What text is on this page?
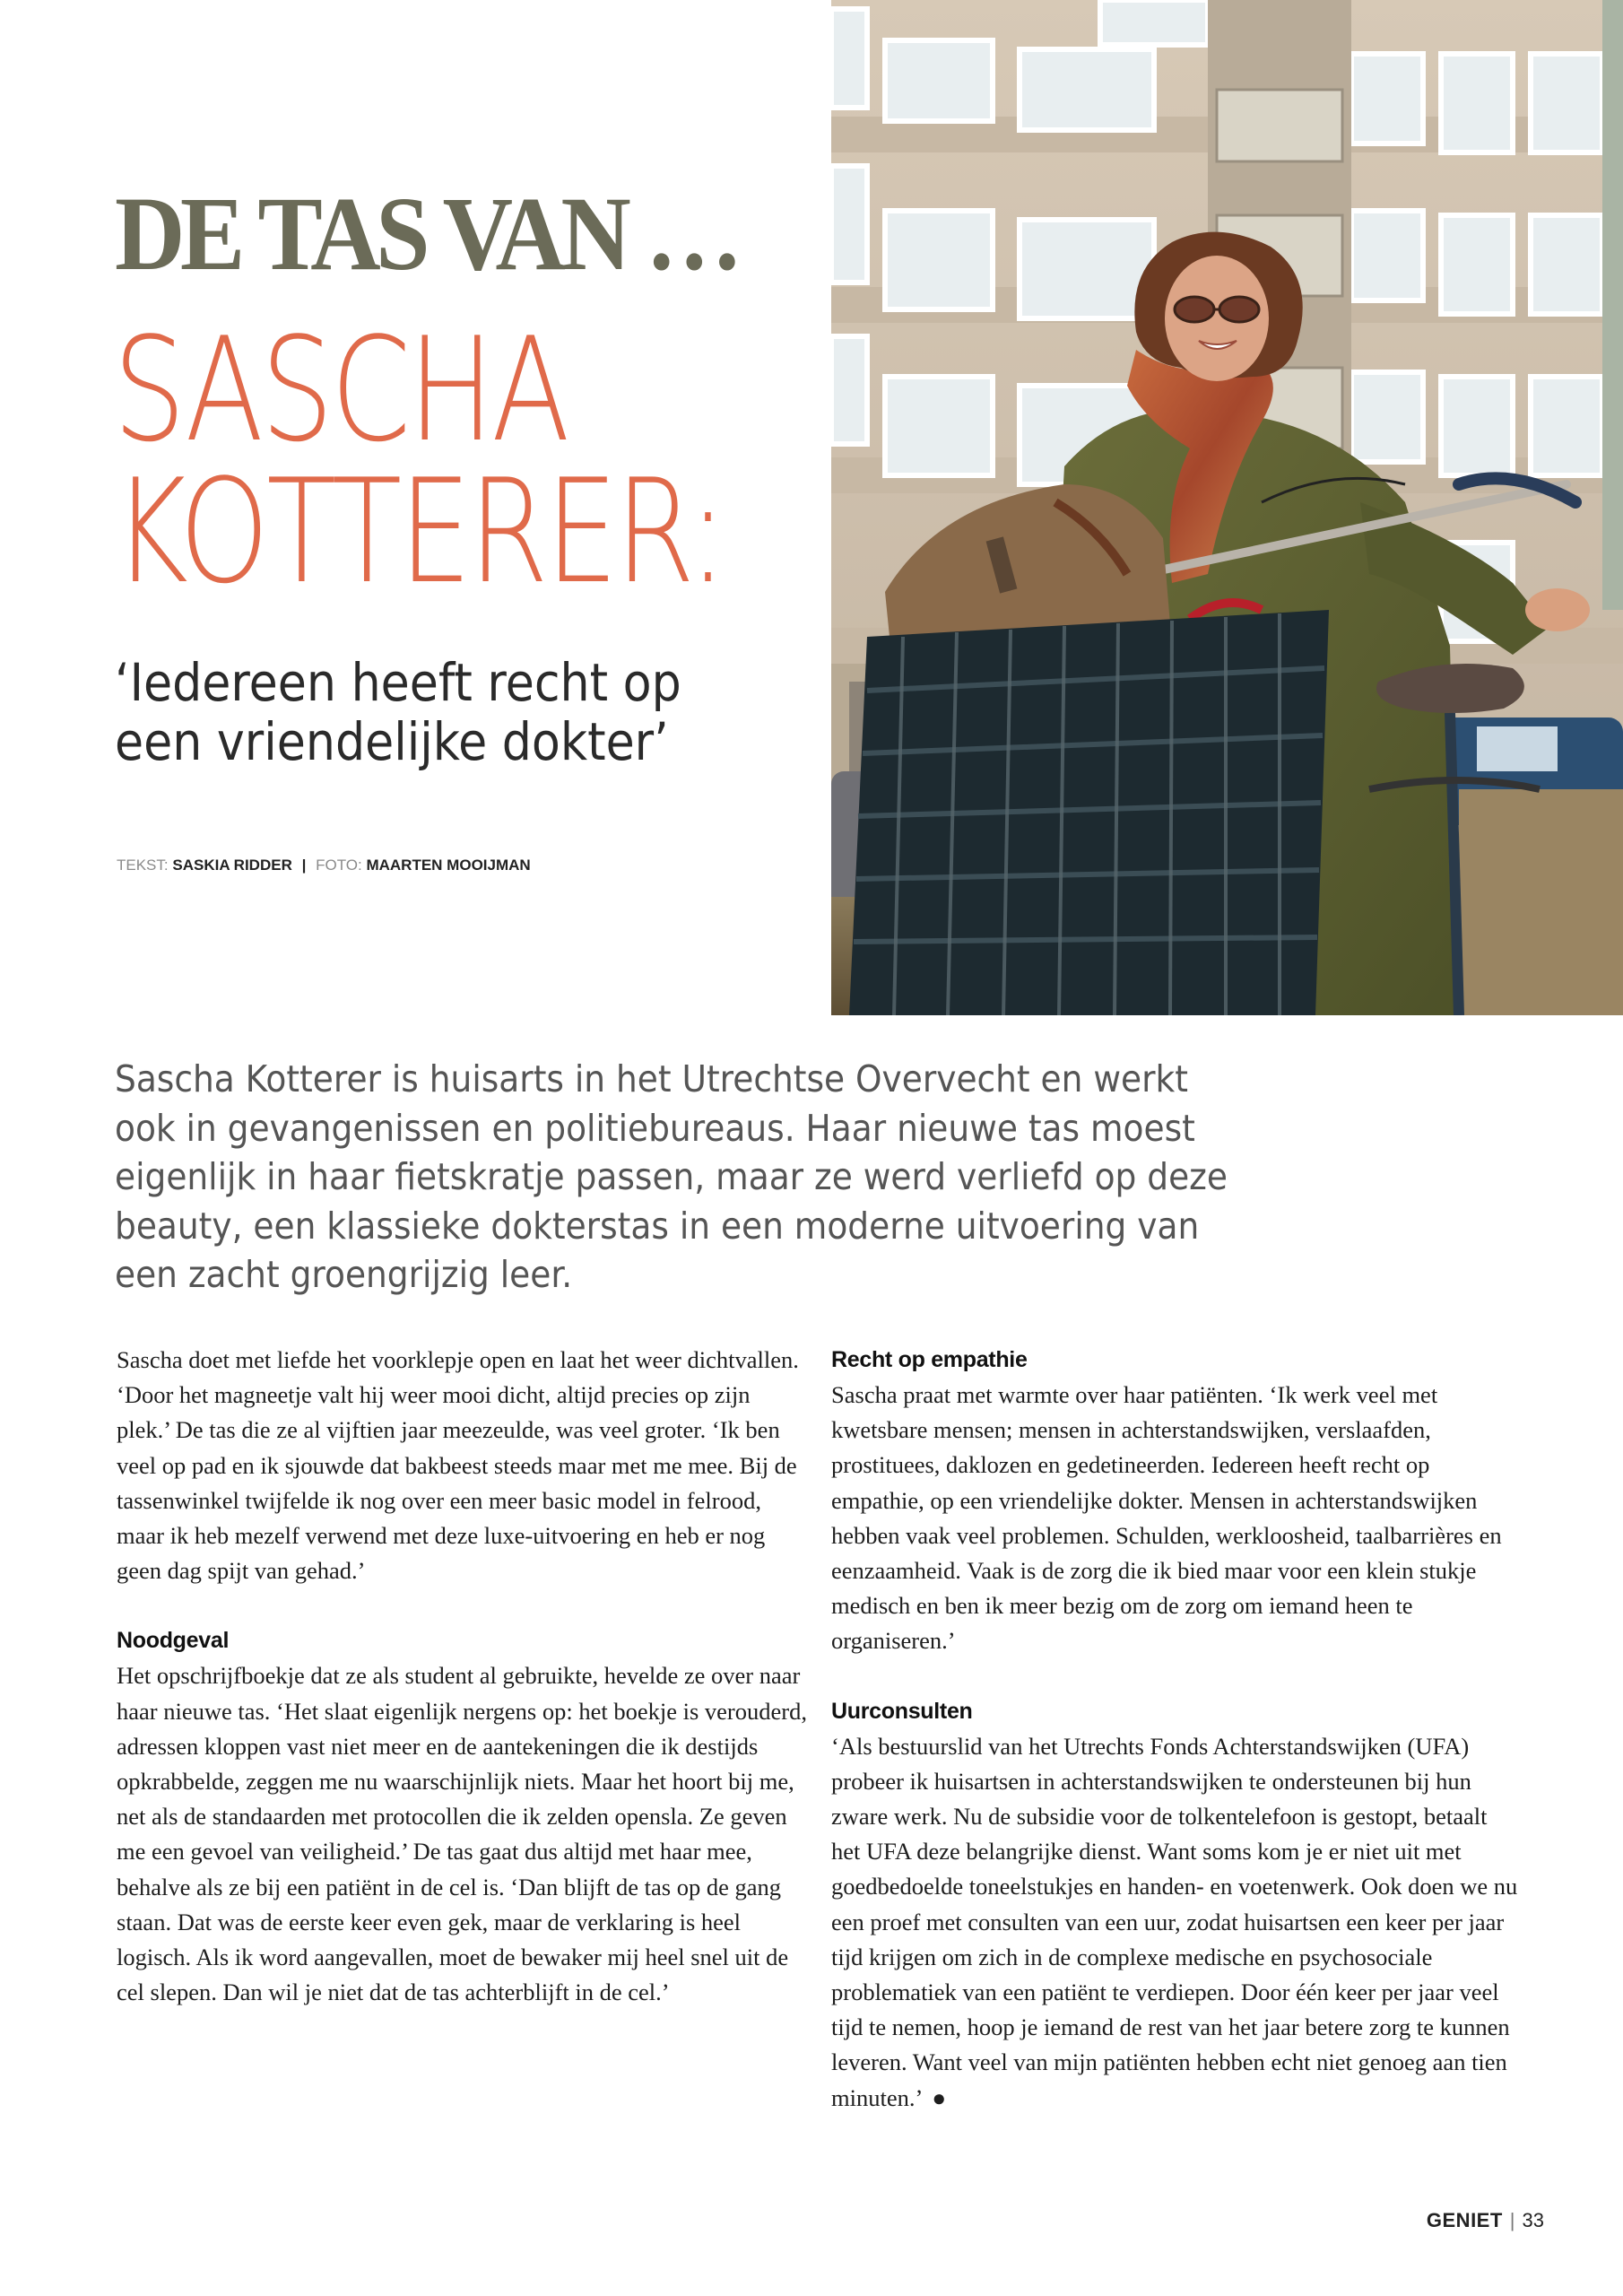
DE TAS VAN …
SASCHA
KOTTERER:
‘Iedereen heeft recht op
een vriendelijke dokter’
TEKST: SASKIA RIDDER | FOTO: MAARTEN MOOIJMAN

Sascha Kotterer is huisarts in het Utrechtse Overvecht en werkt ook in gevangenissen en politiebureaus. Haar nieuwe tas moest eigenlijk in haar fietskratje passen, maar ze werd verliefd op deze beauty, een klassieke dokterstas in een moderne uitvoering van een zacht groengrijzig leer.

Sascha doet met liefde het voorklepje open en laat het weer dichtvallen. ‘Door het magneetje valt hij weer mooi dicht, altijd precies op zijn plek.’ De tas die ze al vijftien jaar meezeulde, was veel groter. ‘Ik ben veel op pad en ik sjouwde dat bakbeest steeds maar met me mee. Bij de tassenwinkel twijfelde ik nog over een meer basic model in felrood, maar ik heb mezelf verwend met deze luxe-uitvoering en heb er nog geen dag spijt van gehad.’

Noodgeval

Het opschrijfboekje dat ze als student al gebruikte, hevelde ze over naar haar nieuwe tas. ‘Het slaat eigenlijk nergens op: het boekje is verouderd, adressen kloppen vast niet meer en de aantekeningen die ik destijds opkrabbelde, zeggen me nu waarschijnlijk niets. Maar het hoort bij me, net als de standaarden met protocollen die ik zelden opensla. Ze geven me een gevoel van veiligheid.’ De tas gaat dus altijd met haar mee, behalve als ze bij een patiënt in de cel is. ‘Dan blijft de tas op de gang staan. Dat was de eerste keer even gek, maar de verklaring is heel logisch. Als ik word aangevallen, moet de bewaker mij heel snel uit de cel slepen. Dan wil je niet dat de tas achterblijft in de cel.’

Recht op empathie

Sascha praat met warmte over haar patiënten. ‘Ik werk veel met kwetsbare mensen; mensen in achterstandswijken, verslaafden, prostituees, daklozen en gedetineerden. Iedereen heeft recht op empathie, op een vriendelijke dokter. Mensen in achterstandswijken hebben vaak veel problemen. Schulden, werkloosheid, taalbarrières en eenzaamheid. Vaak is de zorg die ik bied maar voor een klein stukje medisch en ben ik meer bezig om de zorg om iemand heen te organiseren.’

Uurconsulten

‘Als bestuurslid van het Utrechts Fonds Achterstandswijken (UFA) probeer ik huisartsen in achterstandswijken te ondersteunen bij hun zware werk. Nu de subsidie voor de tolkentelefoon is gestopt, betaalt het UFA deze belangrijke dienst. Want soms kom je er niet uit met goedbedoelde toneelstukjes en handen- en voetenwerk. Ook doen we nu een proef met consulten van een uur, zodat huisartsen een keer per jaar tijd krijgen om zich in de complexe medische en psychosociale problematiek van een patiënt te verdiepen. Door één keer per jaar veel tijd te nemen, hoop je iemand de rest van het jaar betere zorg te kunnen leveren. Want veel van mijn patiënten hebben echt niet genoeg aan tien minuten.’ ●

GENIET | 33
